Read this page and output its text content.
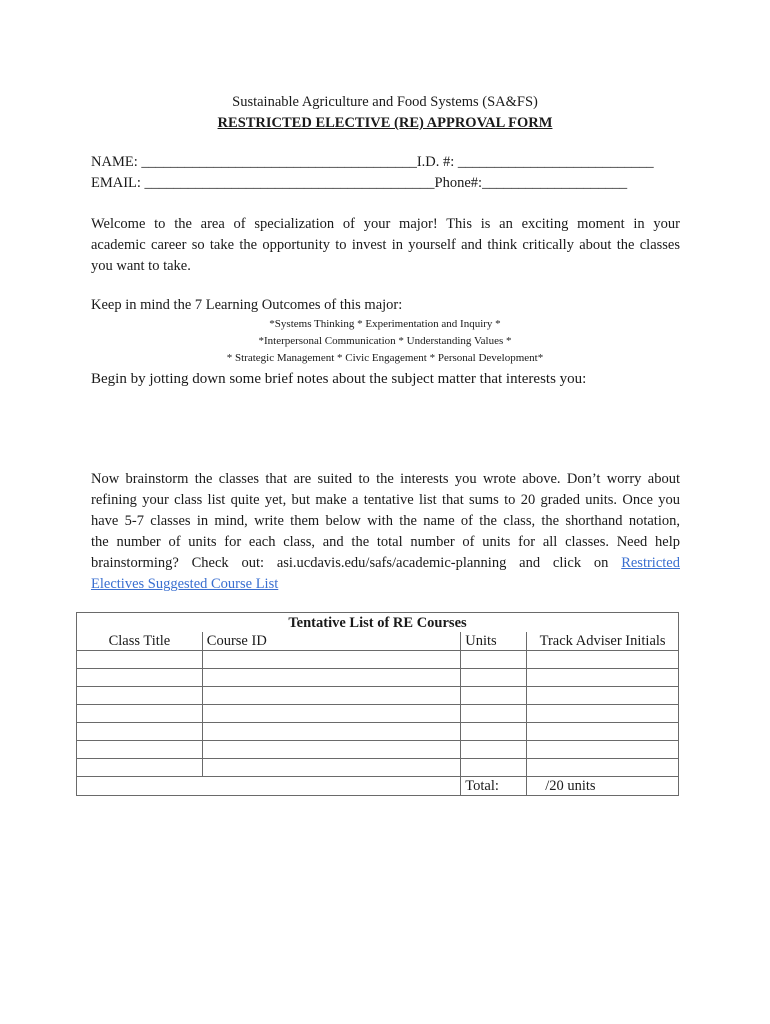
Sustainable Agriculture and Food Systems (SA&FS)
RESTRICTED ELECTIVE (RE) APPROVAL FORM
NAME: ______________________________________I.D. #: ___________________________
EMAIL: ________________________________________Phone#:____________________
Welcome to the area of specialization of your major! This is an exciting moment in your
academic career so take the opportunity to invest in yourself and think critically about the classes
you want to take.
Keep in mind the 7 Learning Outcomes of this major:
*Systems Thinking * Experimentation and Inquiry *
*Interpersonal Communication * Understanding Values *
* Strategic Management * Civic Engagement * Personal Development*
Begin by jotting down some brief notes about the subject matter that interests you:
Now brainstorm the classes that are suited to the interests you wrote above. Don’t worry about
refining your class list quite yet, but make a tentative list that sums to 20 graded units. Once you
have 5-7 classes in mind, write them below with the name of the class, the shorthand notation,
the number of units for each class, and the total number of units for all classes. Need help
brainstorming? Check out: asi.ucdavis.edu/safs/academic-planning and click on Restricted
Electives Suggested Course List
Tentative List of RE Courses			
Class Title	Course ID	Units	Track Adviser Initials

		Total:	/20 units
